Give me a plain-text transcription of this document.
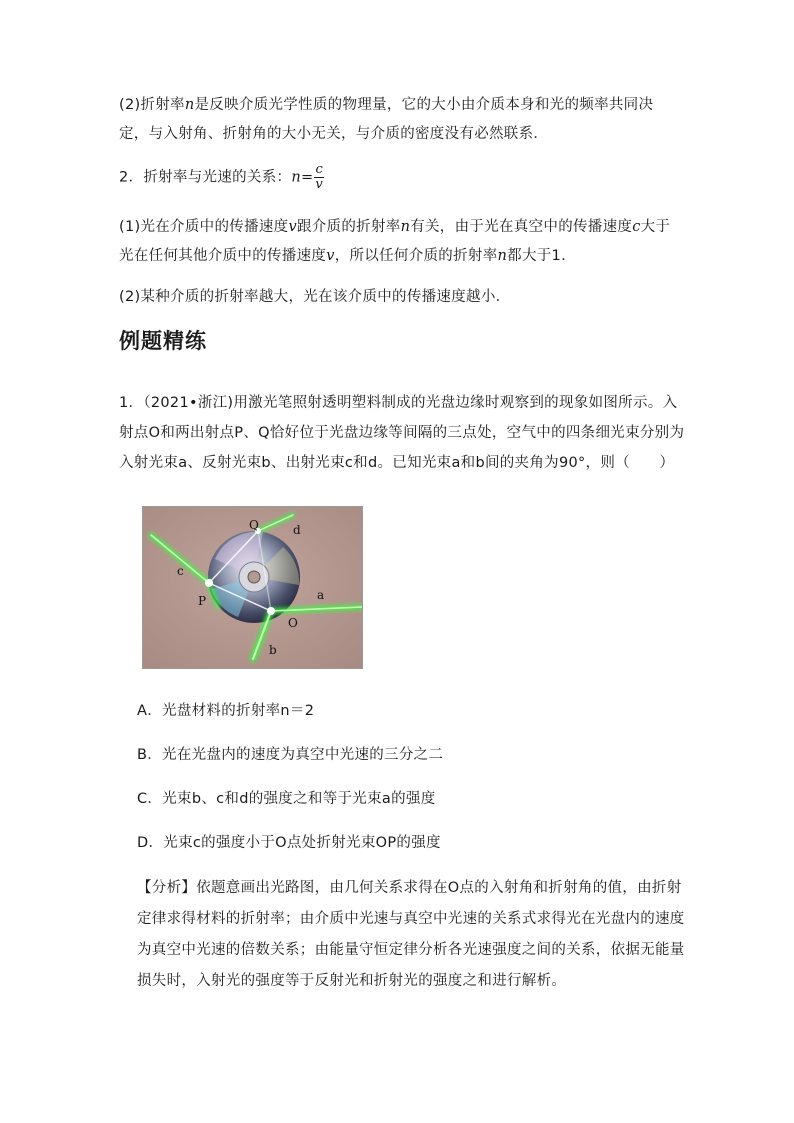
(2)折射率n是反映介质光学性质的物理量，它的大小由介质本身和光的频率共同决定，与入射角、折射角的大小无关，与介质的密度没有必然联系．
2．折射率与光速的关系：$n= \frac{c}{v}$
(1)光在介质中的传播速度v跟介质的折射率n有关，由于光在真空中的传播速度c大于光在任何其他介质中的传播速度v，所以任何介质的折射率n都大于1.
(2)某种介质的折射率越大，光在该介质中的传播速度越小．
例题精练
1．（2021•浙江)用激光笔照射透明塑料制成的光盘边缘时观察到的现象如图所示。入射点O和两出射点P、Q恰好位于光盘边缘等间隔的三点处，空气中的四条细光束分别为入射光束a、反射光束b、出射光束c和d。已知光束a和b间的夹角为90°，则（　　）
Q	d
c
P	a
O
b
A．光盘材料的折射率n＝2
B．光在光盘内的速度为真空中光速的三分之二
C．光束b、c和d的强度之和等于光束a的强度
D．光束c的强度小于O点处折射光束OP的强度
【分析】依题意画出光路图，由几何关系求得在O点的入射角和折射角的值，由折射定律求得材料的折射率；由介质中光速与真空中光速的关系式求得光在光盘内的速度为真空中光速的倍数关系；由能量守恒定律分析各光速强度之间的关系，依据无能量损失时，入射光的强度等于反射光和折射光的强度之和进行解析。
